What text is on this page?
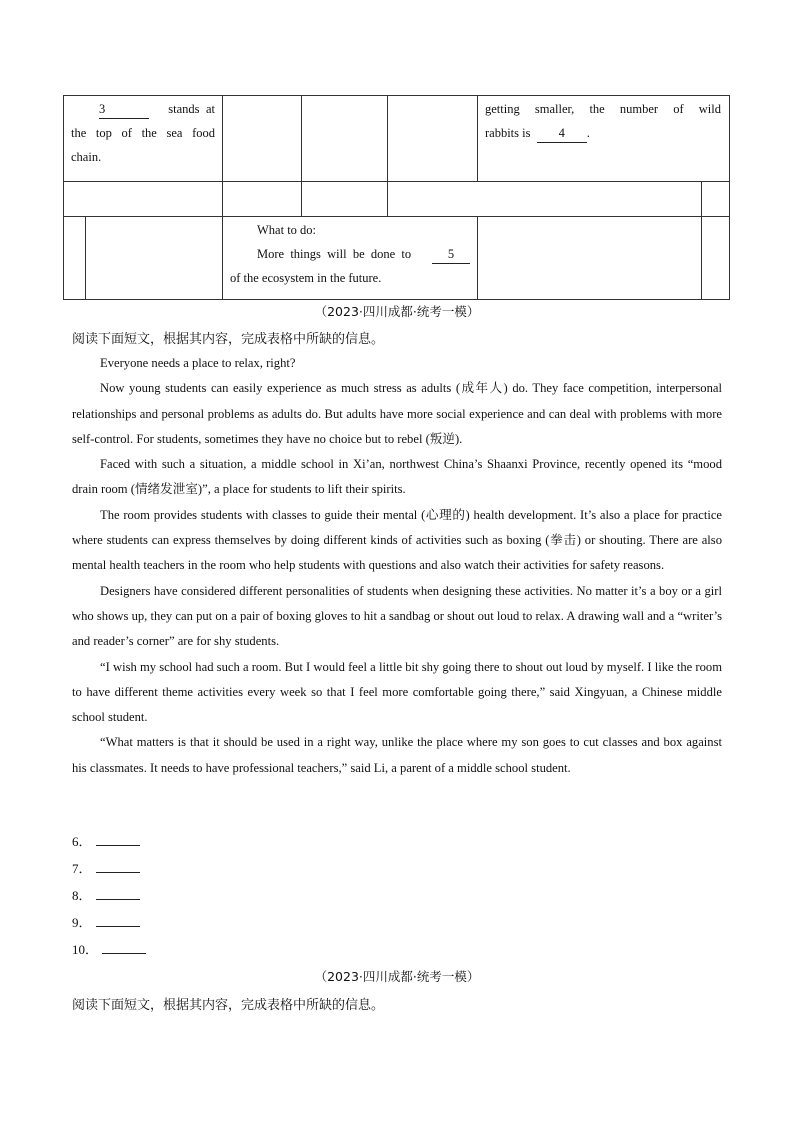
3	stands at
the top of the sea food
chain.
getting smaller, the number of wild
rabbits is 4 .
What to do:
More  things  will  be  done  to	5
of the ecosystem in the future.
（2023·四川成都·统考一模）
阅读下面短文，根据其内容，完成表格中所缺的信息。

Everyone needs a place to relax, right?

Now young students can easily experience as much stress as adults (成年人) do. They face competition, interpersonal relationships and personal problems as adults do. But adults have more social experience and can deal with problems with more self-control. For students, sometimes they have no choice but to rebel (叛逆).

Faced with such a situation, a middle school in Xi’an, northwest China’s Shaanxi Province, recently opened its “mood drain room (情绪发泄室)”, a place for students to lift their spirits.

The room provides students with classes to guide their mental (心理的) health development. It’s also a place for practice where students can express themselves by doing different kinds of activities such as boxing (拳击) or shouting. There are also mental health teachers in the room who help students with questions and also watch their activities for safety reasons.

Designers have considered different personalities of students when designing these activities. No matter it’s a boy or a girl who shows up, they can put on a pair of boxing gloves to hit a sandbag or shout out loud to relax. A drawing wall and a “writer’s and reader’s corner” are for shy students.

“I wish my school had such a room. But I would feel a little bit shy going there to shout out loud by myself. I like the room to have different theme activities every week so that I feel more comfortable going there,” said Xingyuan, a Chinese middle school student.

“What matters is that it should be used in a right way, unlike the place where my son goes to cut classes and box against his classmates. It needs to have professional teachers,” said Li, a parent of a middle school student.

6．
7．
8．
9．
10．
（2023·四川成都·统考一模）
阅读下面短文，根据其内容，完成表格中所缺的信息。
